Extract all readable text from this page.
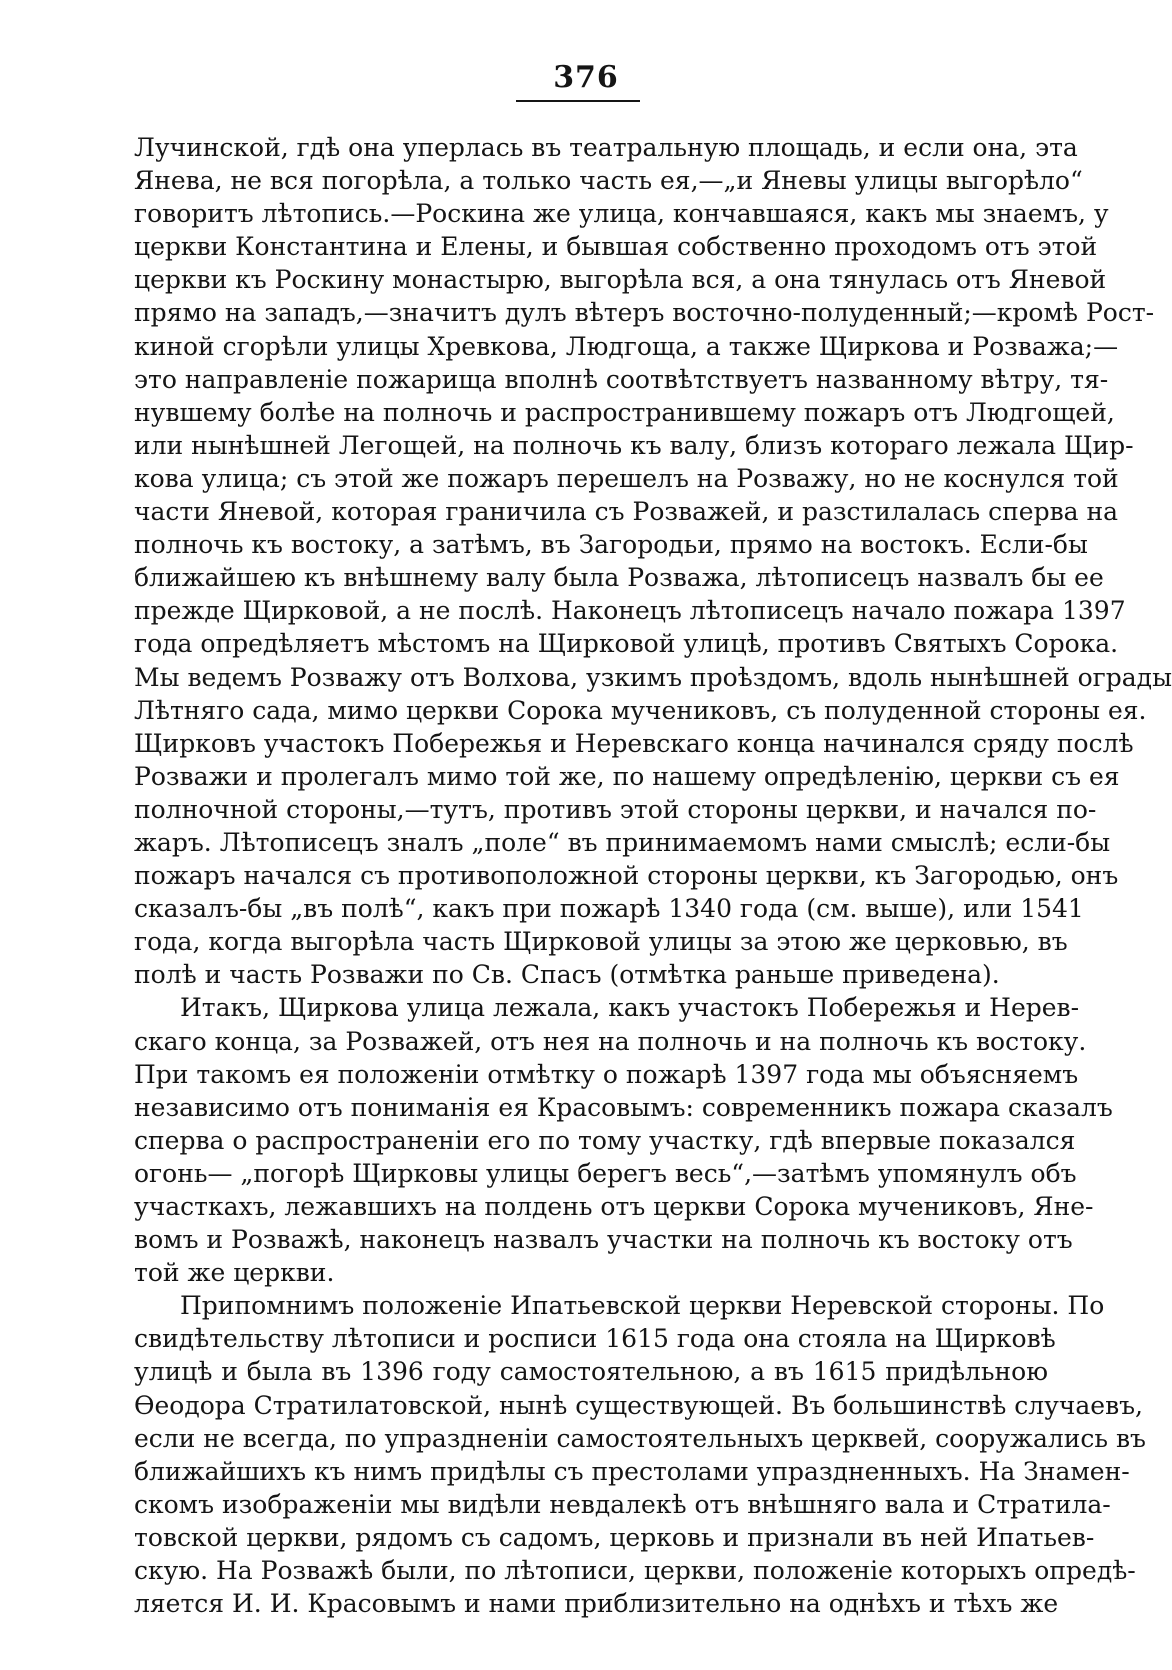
376
Лучинской, гдѣ она уперлась въ театральную площадь, и если она, эта
Янева, не вся погорѣла, а только часть ея,—„и Яневы улицы выгорѣло“
говоритъ лѣтопись.—Роскина же улица, кончавшаяся, какъ мы знаемъ, у
церкви Константина и Елены, и бывшая собственно проходомъ отъ этой
церкви къ Роскину монастырю, выгорѣла вся, а она тянулась отъ Яневой
прямо на западъ,—значитъ дулъ вѣтеръ восточно-полуденный;—кромѣ Рост-
киной сгорѣли улицы Хревкова, Людгоща, а также Щиркова и Розважа;—
это направленіе пожарища вполнѣ соотвѣтствуетъ названному вѣтру, тя-
нувшему болѣе на полночь и распространившему пожаръ отъ Людгощей,
или нынѣшней Легощей, на полночь къ валу, близъ котораго лежала Щир-
кова улица; съ этой же пожаръ перешелъ на Розважу, но не коснулся той
части Яневой, которая граничила съ Розважей, и разстилалась сперва на
полночь къ востоку, а затѣмъ, въ Загородьи, прямо на востокъ. Если-бы
ближайшею къ внѣшнему валу была Розважа, лѣтописецъ назвалъ бы ее
прежде Щирковой, а не послѣ. Наконецъ лѣтописецъ начало пожара 1397
года опредѣляетъ мѣстомъ на Щирковой улицѣ, противъ Святыхъ Сорока.
Мы ведемъ Розважу отъ Волхова, узкимъ проѣздомъ, вдоль нынѣшней ограды
Лѣтняго сада, мимо церкви Сорока мучениковъ, съ полуденной стороны ея.
Щирковъ участокъ Побережья и Неревскаго конца начинался сряду послѣ
Розважи и пролегалъ мимо той же, по нашему опредѣленію, церкви съ ея
полночной стороны,—тутъ, противъ этой стороны церкви, и начался по-
жаръ. Лѣтописецъ зналъ „поле“ въ принимаемомъ нами смыслѣ; если-бы
пожаръ начался съ противоположной стороны церкви, къ Загородью, онъ
сказалъ-бы „въ полѣ“, какъ при пожарѣ 1340 года (см. выше), или 1541
года, когда выгорѣла часть Щирковой улицы за этою же церковью, въ
полѣ и часть Розважи по Св. Спасъ (отмѣтка раньше приведена).
Итакъ, Щиркова улица лежала, какъ участокъ Побережья и Нерев-
скаго конца, за Розважей, отъ нея на полночь и на полночь къ востоку.
При такомъ ея положеніи отмѣтку о пожарѣ 1397 года мы объясняемъ
независимо отъ пониманія ея Красовымъ: современникъ пожара сказалъ
сперва о распространеніи его по тому участку, гдѣ впервые показался
огонь— „погорѣ Щирковы улицы берегъ весь“,—затѣмъ упомянулъ объ
участкахъ, лежавшихъ на полдень отъ церкви Сорока мучениковъ, Яне-
вомъ и Розважѣ, наконецъ назвалъ участки на полночь къ востоку отъ
той же церкви.
Припомнимъ положеніе Ипатьевской церкви Неревской стороны. По
свидѣтельству лѣтописи и росписи 1615 года она стояла на Щирковѣ
улицѣ и была въ 1396 году самостоятельною, а въ 1615 придѣльною
Ѳеодора Стратилатовской, нынѣ существующей. Въ большинствѣ случаевъ,
если не всегда, по упраздненіи самостоятельныхъ церквей, сооружались въ
ближайшихъ къ нимъ придѣлы съ престолами упраздненныхъ. На Знамен-
скомъ изображеніи мы видѣли невдалекѣ отъ внѣшняго вала и Стратила-
товской церкви, рядомъ съ садомъ, церковь и признали въ ней Ипатьев-
скую. На Розважѣ были, по лѣтописи, церкви, положеніе которыхъ опредѣ-
ляется И. И. Красовымъ и нами приблизительно на однѣхъ и тѣхъ же
